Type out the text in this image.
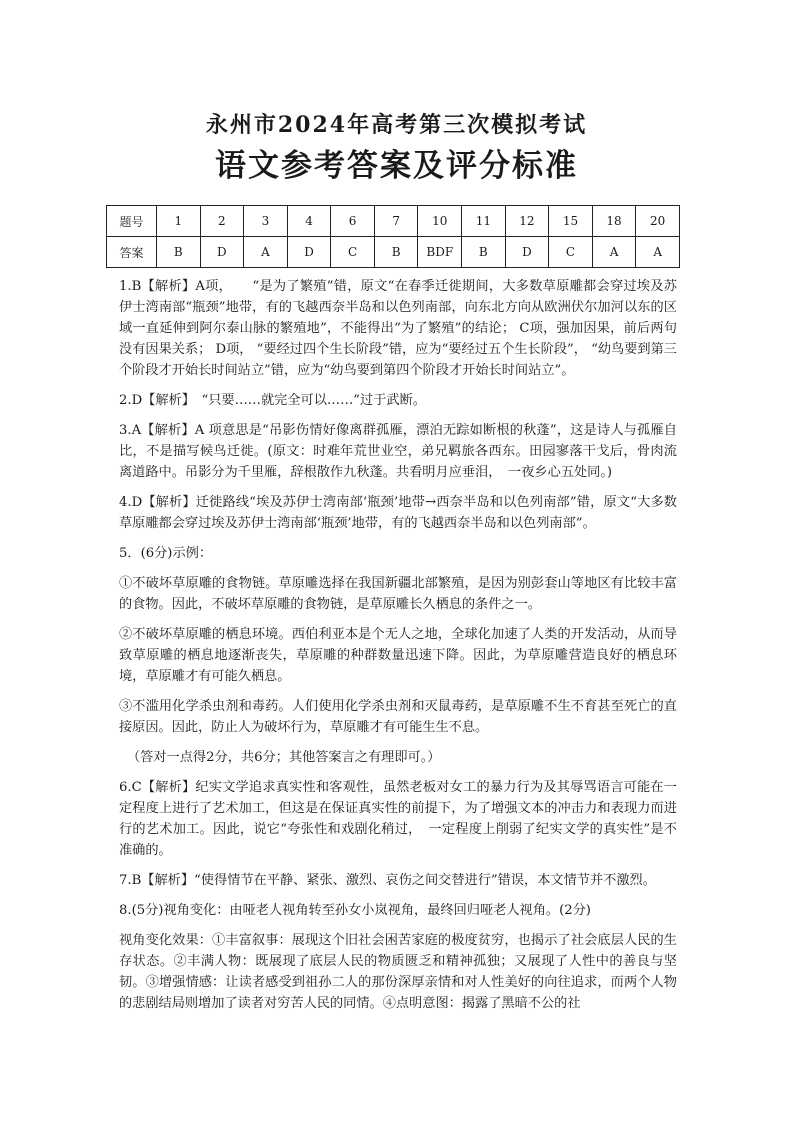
永州市2024年高考第三次模拟考试
语文参考答案及评分标准
题号	1	2	3	4	6	7	10	11	12	15	18	20
答案	B	D	A	D	C	B	BDF	B	D	C	A	A

1.B【解析】A项，　　“是为了繁殖”错，原文“在春季迁徙期间，大多数草原雕都会穿过埃及苏伊士湾南部“瓶颈”地带，有的飞越西奈半岛和以色列南部，向东北方向从欧洲伏尔加河以东的区域一直延伸到阿尔泰山脉的繁殖地”，不能得出“为了繁殖”的结论； C项，强加因果，前后两句没有因果关系； D项， “要经过四个生长阶段”错，应为“要经过五个生长阶段”， “幼鸟要到第三个阶段才开始长时间站立”错，应为“幼鸟要到第四个阶段才开始长时间站立”。

2.D【解析】　“只要……就完全可以……”过于武断。

3.A【解析】A 项意思是“吊影伤情好像离群孤雁，漂泊无踪如断根的秋蓬”，这是诗人与孤雁自比，不是描写候鸟迁徙。(原文：时难年荒世业空，弟兄羁旅各西东。田园寥落干戈后，骨肉流离道路中。吊影分为千里雁，辞根散作九秋蓬。共看明月应垂泪，　一夜乡心五处同。)

4.D【解析】迁徙路线“埃及苏伊士湾南部‘瓶颈’地带→西奈半岛和以色列南部”错，原文“大多数草原雕都会穿过埃及苏伊士湾南部‘瓶颈’地带，有的飞越西奈半岛和以色列南部”。

5．(6分)示例：

①不破坏草原雕的食物链。草原雕选择在我国新疆北部繁殖，是因为别彭套山等地区有比较丰富的食物。因此，不破坏草原雕的食物链，是草原雕长久栖息的条件之一。

②不破坏草原雕的栖息环境。西伯利亚本是个无人之地，全球化加速了人类的开发活动，从而导致草原雕的栖息地逐渐丧失，草原雕的种群数量迅速下降。因此，为草原雕营造良好的栖息环境，草原雕才有可能久栖息。

③不滥用化学杀虫剂和毒药。人们使用化学杀虫剂和灭鼠毒药，是草原雕不生不育甚至死亡的直接原因。因此，防止人为破坏行为，草原雕才有可能生生不息。

（答对一点得2分，共6分；其他答案言之有理即可。）

6.C【解析】纪实文学追求真实性和客观性，虽然老板对女工的暴力行为及其辱骂语言可能在一定程度上进行了艺术加工，但这是在保证真实性的前提下，为了增强文本的冲击力和表现力而进行的艺术加工。因此，说它“夸张性和戏剧化稍过，　一定程度上削弱了纪实文学的真实性”是不准确的。

7.B【解析】“使得情节在平静、紧张、激烈、哀伤之间交替进行”错误，本文情节并不激烈。

8.(5分)视角变化：由哑老人视角转至孙女小岚视角，最终回归哑老人视角。(2分)

视角变化效果：①丰富叙事：展现这个旧社会困苦家庭的极度贫穷，也揭示了社会底层人民的生存状态。②丰满人物：既展现了底层人民的物质匮乏和精神孤独；又展现了人性中的善良与坚韧。③增强情感：让读者感受到祖孙二人的那份深厚亲情和对人性美好的向往追求，而两个人物的悲剧结局则增加了读者对穷苦人民的同情。④点明意图：揭露了黑暗不公的社
